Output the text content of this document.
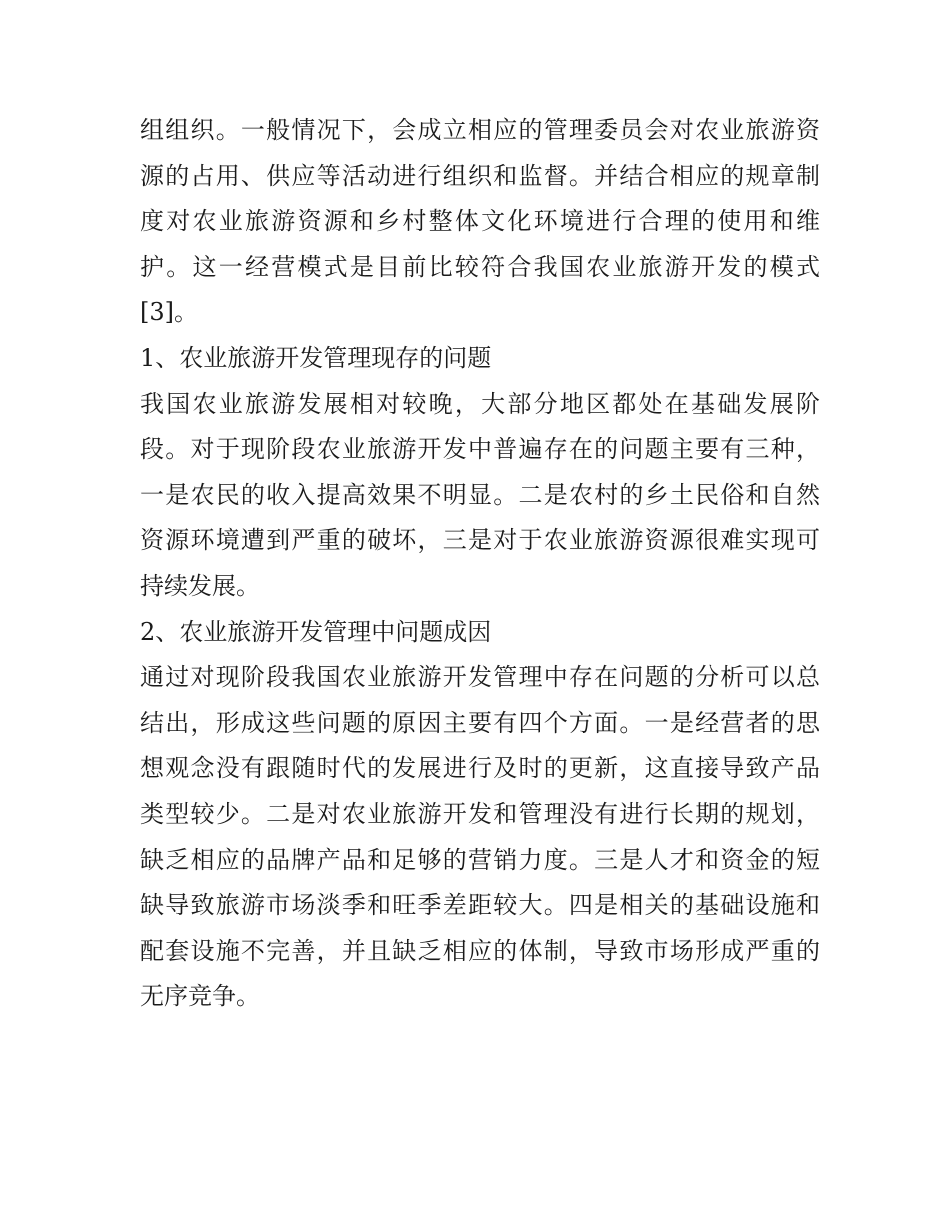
组组织。一般情况下，会成立相应的管理委员会对农业旅游资
源的占用、供应等活动进行组织和监督。并结合相应的规章制
度对农业旅游资源和乡村整体文化环境进行合理的使用和维
护。这一经营模式是目前比较符合我国农业旅游开发的模式
[3]。
1、农业旅游开发管理现存的问题
我国农业旅游发展相对较晚，大部分地区都处在基础发展阶
段。对于现阶段农业旅游开发中普遍存在的问题主要有三种，
一是农民的收入提高效果不明显。二是农村的乡土民俗和自然
资源环境遭到严重的破坏，三是对于农业旅游资源很难实现可
持续发展。
2、农业旅游开发管理中问题成因
通过对现阶段我国农业旅游开发管理中存在问题的分析可以总
结出，形成这些问题的原因主要有四个方面。一是经营者的思
想观念没有跟随时代的发展进行及时的更新，这直接导致产品
类型较少。二是对农业旅游开发和管理没有进行长期的规划，
缺乏相应的品牌产品和足够的营销力度。三是人才和资金的短
缺导致旅游市场淡季和旺季差距较大。四是相关的基础设施和
配套设施不完善，并且缺乏相应的体制，导致市场形成严重的
无序竞争。
